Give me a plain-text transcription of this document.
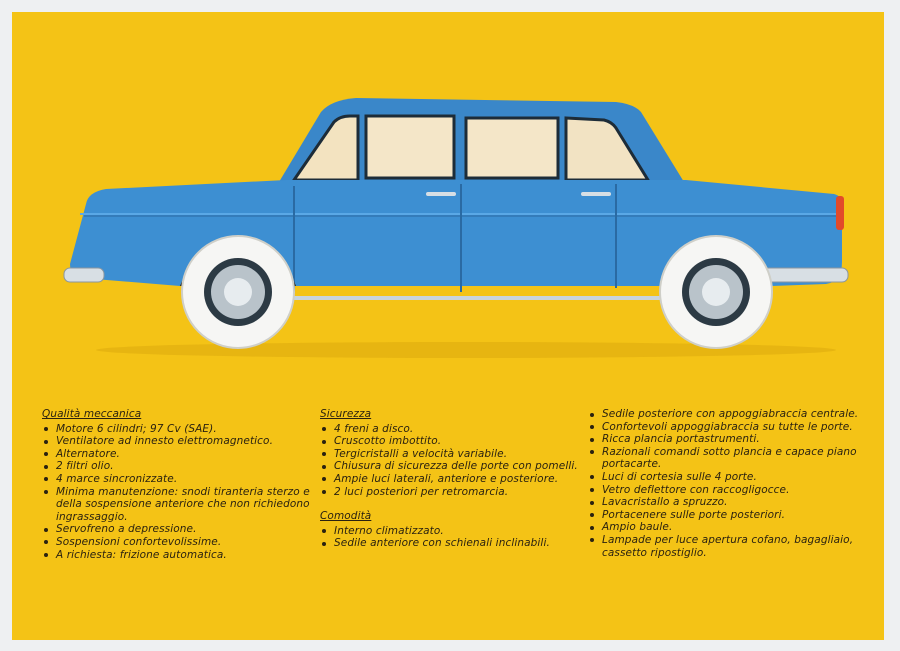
Qualità meccanica
Motore 6 cilindri; 97 Cv (SAE).
Ventilatore ad innesto elettromagnetico.
Alternatore.
2 filtri olio.
4 marce sincronizzate.
Minima manutenzione: snodi tiranteria sterzo e della sospensione anteriore che non richiedono ingrassaggio.
Servofreno a depressione.
Sospensioni confortevolissime.
A richiesta: frizione automatica.
Sicurezza
4 freni a disco.
Cruscotto imbottito.
Tergicristalli a velocità variabile.
Chiusura di sicurezza delle porte con pomelli.
Ampie luci laterali, anteriore e posteriore.
2 luci posteriori per retromarcia.
Comodità
Interno climatizzato.
Sedile anteriore con schienali inclinabili.
Sedile posteriore con appoggiabraccia centrale.
Confortevoli appoggiabraccia su tutte le porte.
Ricca plancia portastrumenti.
Razionali comandi sotto plancia e capace piano portacarte.
Luci di cortesia sulle 4 porte.
Vetro deflettore con raccogligocce.
Lavacristallo a spruzzo.
Portacenere sulle porte posteriori.
Ampio baule.
Lampade per luce apertura cofano, bagagliaio, cassetto ripostiglio.
